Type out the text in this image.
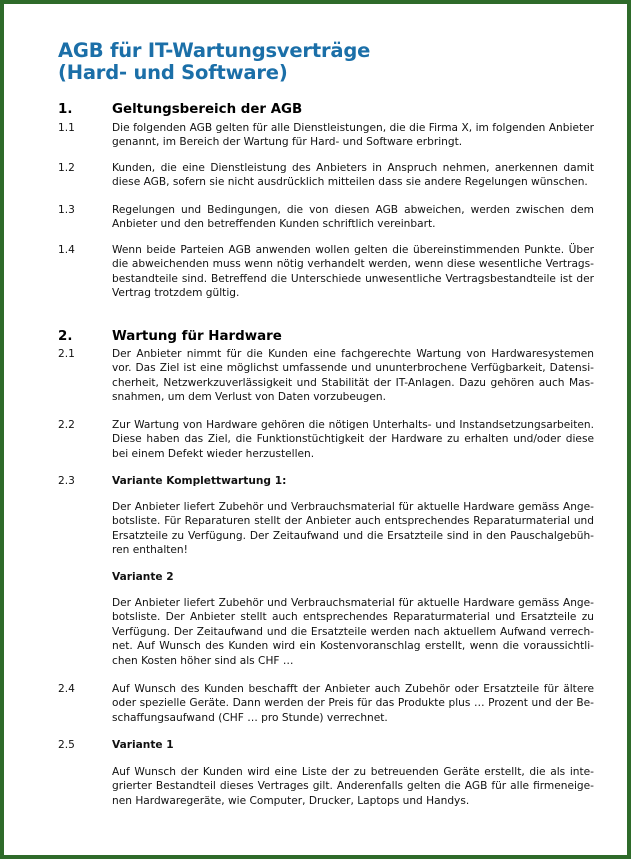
AGB für IT-Wartungsverträge
(Hard- und Software)
1.	Geltungsbereich der AGB
1.1	Die folgenden AGB gelten für alle Dienstleistungen, die die Firma X, im folgenden Anbieter
genannt, im Bereich der Wartung für Hard- und Software erbringt.
1.2	Kunden, die eine Dienstleistung des Anbieters in Anspruch nehmen, anerkennen damit
diese AGB, sofern sie nicht ausdrücklich mitteilen dass sie andere Regelungen wünschen.
1.3	Regelungen und Bedingungen, die von diesen AGB abweichen, werden zwischen dem
Anbieter und den betreffenden Kunden schriftlich vereinbart.
1.4	Wenn beide Parteien AGB anwenden wollen gelten die übereinstimmenden Punkte. Über
die abweichenden muss wenn nötig verhandelt werden, wenn diese wesentliche Vertrags-
bestandteile sind. Betreffend die Unterschiede unwesentliche Vertragsbestandteile ist der
Vertrag trotzdem gültig.
2.1	Der Anbieter nimmt für die Kunden eine fachgerechte Wartung von Hardwaresystemen
vor. Das Ziel ist eine möglichst umfassende und ununterbrochene Verfügbarkeit, Datensi-
cherheit, Netzwerkzuverlässigkeit und Stabilität der IT-Anlagen. Dazu gehören auch Mas-
snahmen, um dem Verlust von Daten vorzubeugen.
2.2	Zur Wartung von Hardware gehören die nötigen Unterhalts- und Instandsetzungsarbeiten.
Diese haben das Ziel, die Funktionstüchtigkeit der Hardware zu erhalten und/oder diese
bei einem Defekt wieder herzustellen.
2.3	Variante Komplettwartung 1:
Der Anbieter liefert Zubehör und Verbrauchsmaterial für aktuelle Hardware gemäss Ange-
botsliste. Für Reparaturen stellt der Anbieter auch entsprechendes Reparaturmaterial und
Ersatzteile zu Verfügung. Der Zeitaufwand und die Ersatzteile sind in den Pauschalgebüh-
ren enthalten!
Variante 2
Der Anbieter liefert Zubehör und Verbrauchsmaterial für aktuelle Hardware gemäss Ange-
botsliste. Der Anbieter stellt auch entsprechendes Reparaturmaterial und Ersatzteile zu
Verfügung. Der Zeitaufwand und die Ersatzteile werden nach aktuellem Aufwand verrech-
net. Auf Wunsch des Kunden wird ein Kostenvoranschlag erstellt, wenn die voraussichtli-
chen Kosten höher sind als CHF …
2.4	Auf Wunsch des Kunden beschafft der Anbieter auch Zubehör oder Ersatzteile für ältere
oder spezielle Geräte. Dann werden der Preis für das Produkte plus … Prozent und der Be-
schaffungsaufwand (CHF … pro Stunde) verrechnet.
2.5	Variante 1
Auf Wunsch der Kunden wird eine Liste der zu betreuenden Geräte erstellt, die als inte-
grierter Bestandteil dieses Vertrages gilt. Anderenfalls gelten die AGB für alle firmeneige-
nen Hardwaregeräte, wie Computer, Drucker, Laptops und Handys.
2.	Wartung für Hardware
